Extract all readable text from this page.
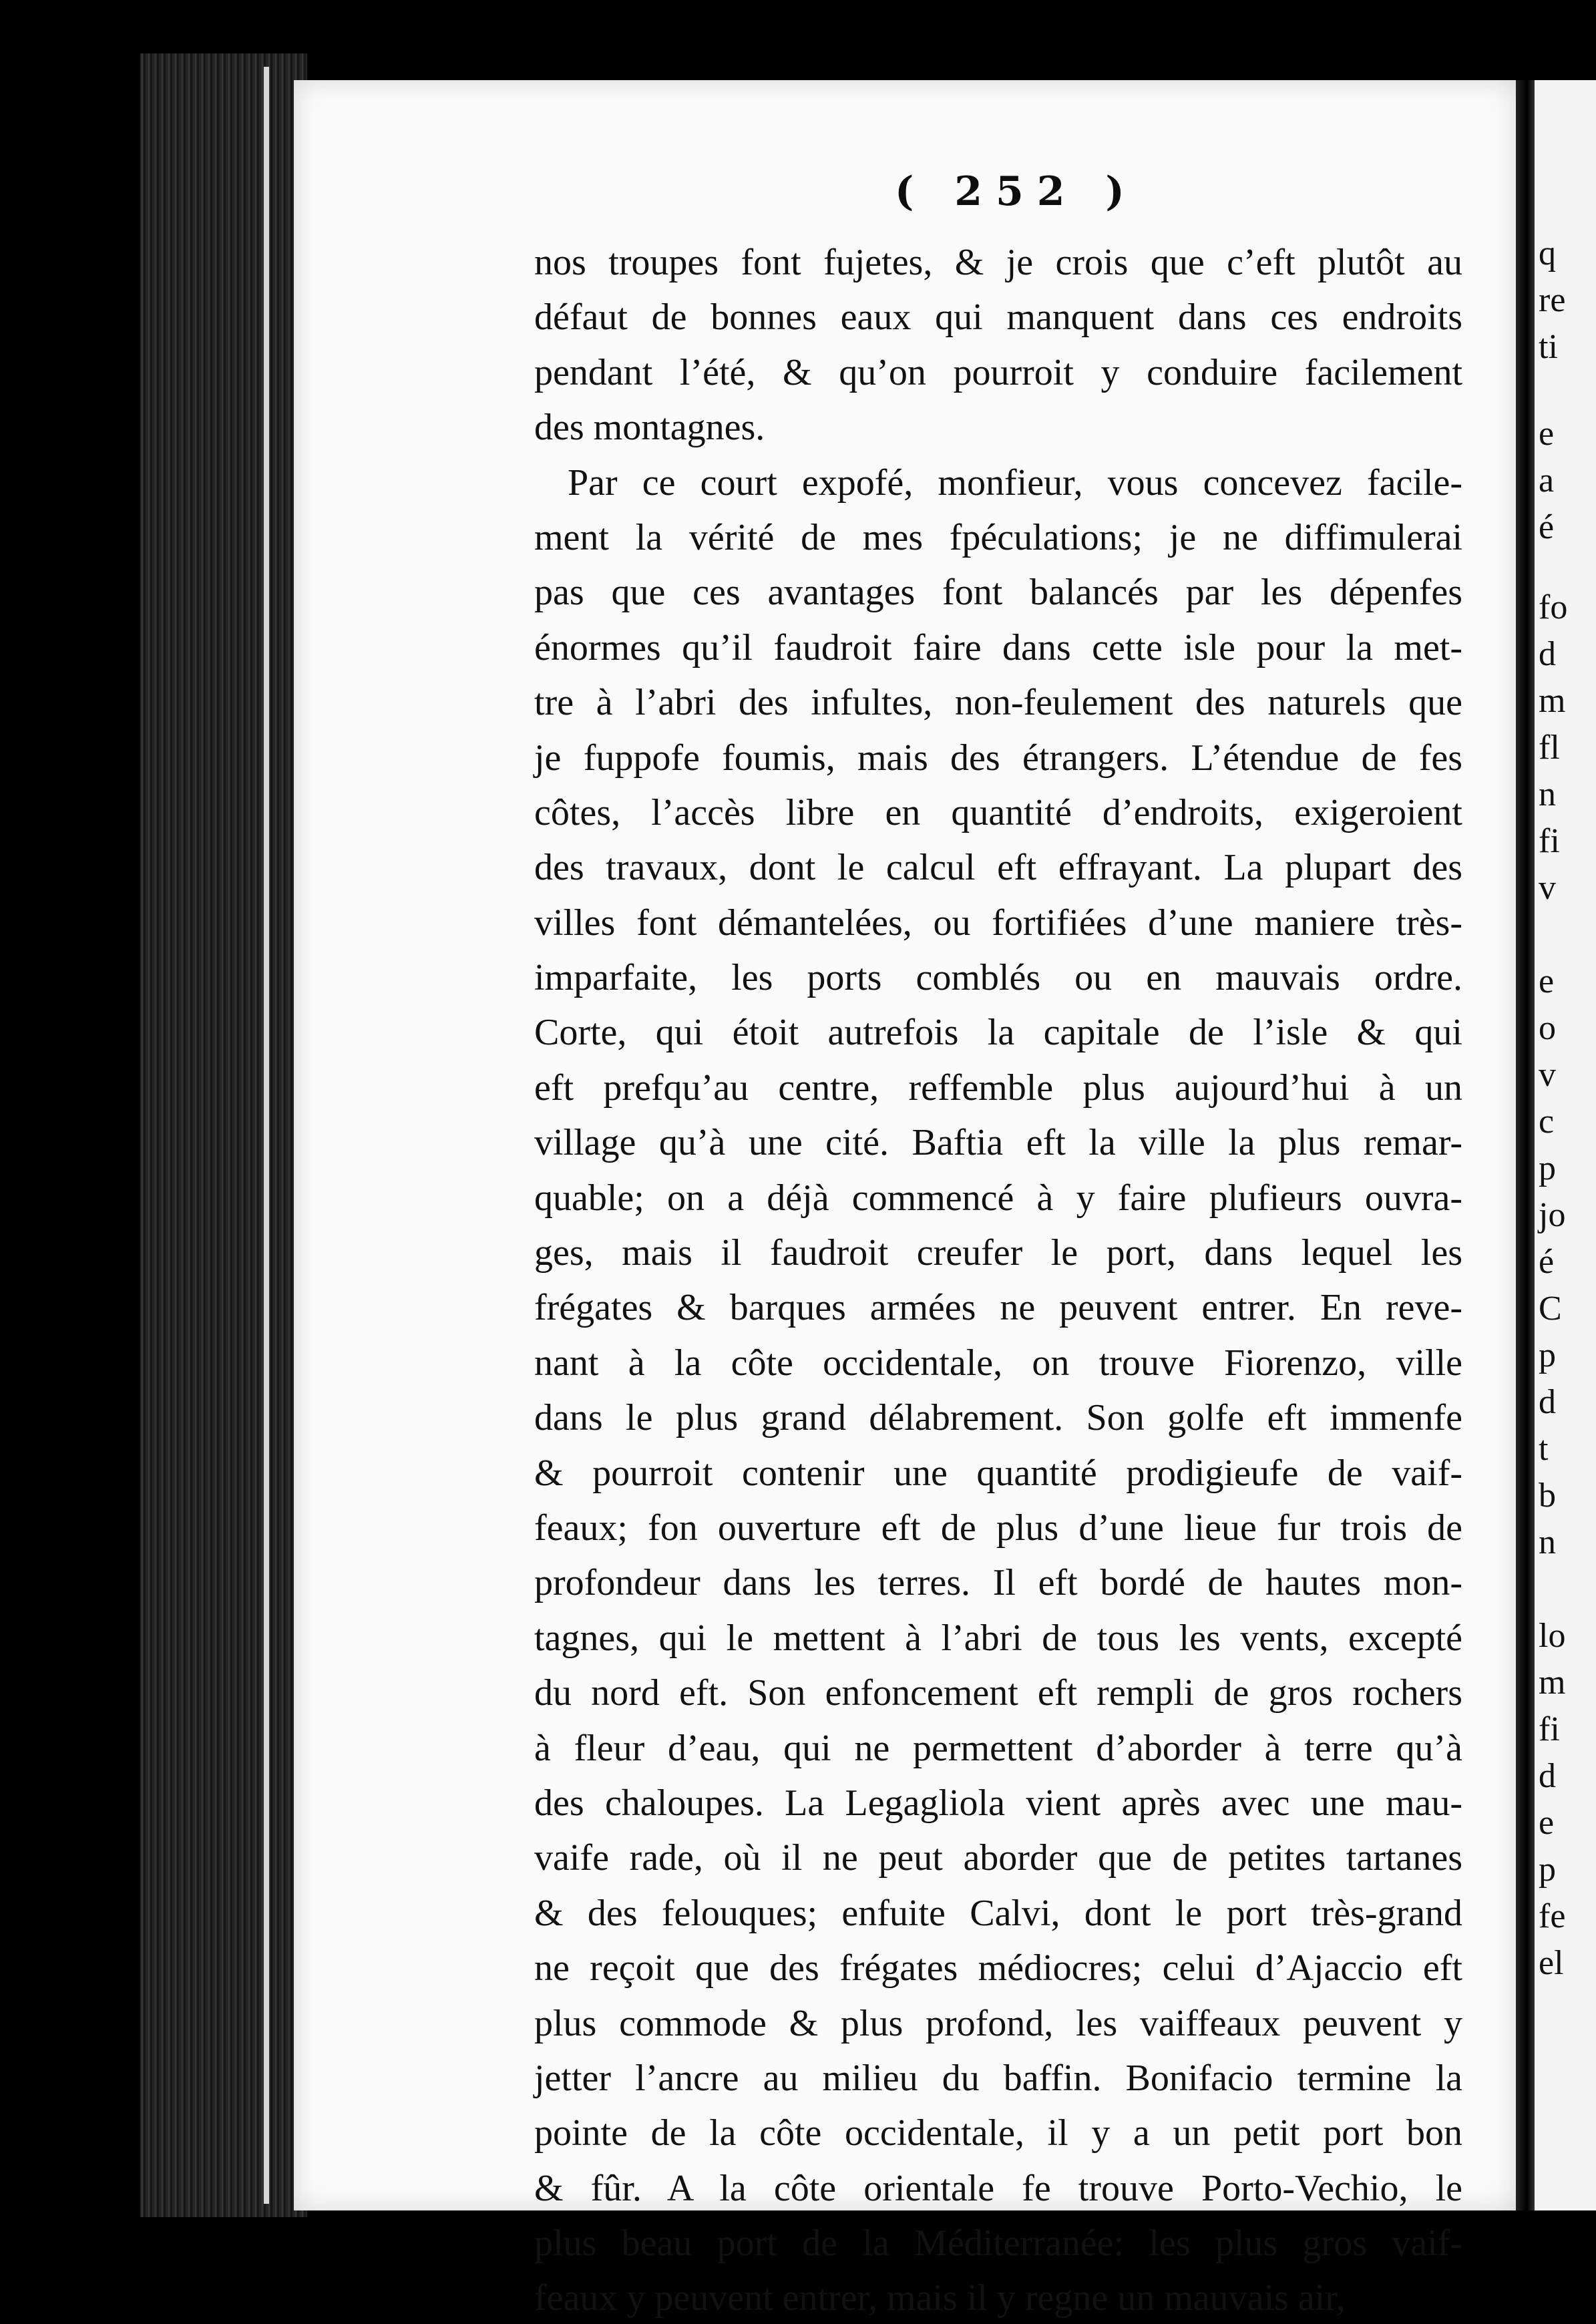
( 252 )
nos troupes font fujetes, & je crois que c’eft plutôt au
défaut de bonnes eaux qui manquent dans ces endroits
pendant l’été, & qu’on pourroit y conduire facilement
des montagnes.
Par ce court expofé, monfieur, vous concevez facile-
ment la vérité de mes fpéculations; je ne diffimulerai
pas que ces avantages font balancés par les dépenfes
énormes qu’il faudroit faire dans cette isle pour la met-
tre à l’abri des infultes, non-feulement des naturels que
je fuppofe foumis, mais des étrangers. L’étendue de fes
côtes, l’accès libre en quantité d’endroits, exigeroient
des travaux, dont le calcul eft effrayant. La plupart des
villes font démantelées, ou fortifiées d’une maniere très-
imparfaite, les ports comblés ou en mauvais ordre.
Corte, qui étoit autrefois la capitale de l’isle & qui
eft prefqu’au centre, reffemble plus aujourd’hui à un
village qu’à une cité. Baftia eft la ville la plus remar-
quable; on a déjà commencé à y faire plufieurs ouvra-
ges, mais il faudroit creufer le port, dans lequel les
frégates & barques armées ne peuvent entrer. En reve-
nant à la côte occidentale, on trouve Fiorenzo, ville
dans le plus grand délabrement. Son golfe eft immenfe
& pourroit contenir une quantité prodigieufe de vaif-
feaux; fon ouverture eft de plus d’une lieue fur trois de
profondeur dans les terres. Il eft bordé de hautes mon-
tagnes, qui le mettent à l’abri de tous les vents, excepté
du nord eft. Son enfoncement eft rempli de gros rochers
à fleur d’eau, qui ne permettent d’aborder à terre qu’à
des chaloupes. La Legagliola vient après avec une mau-
vaife rade, où il ne peut aborder que de petites tartanes
& des felouques; enfuite Calvi, dont le port très-grand
ne reçoit que des frégates médiocres; celui d’Ajaccio eft
plus commode & plus profond, les vaiffeaux peuvent y
jetter l’ancre au milieu du baffin. Bonifacio termine la
pointe de la côte occidentale, il y a un petit port bon
& fûr. A la côte orientale fe trouve Porto-Vechio, le
plus beau port de la Méditerranée: les plus gros vaif-
feaux y peuvent entrer, mais il y regne un mauvais air,
q
re
ti
e
a
é
fo
d
m
fl
n
fi
v
e
o
v
c
p
jo
é
C
p
d
t
b
n
lo
m
fi
d
e
p
fe
el
